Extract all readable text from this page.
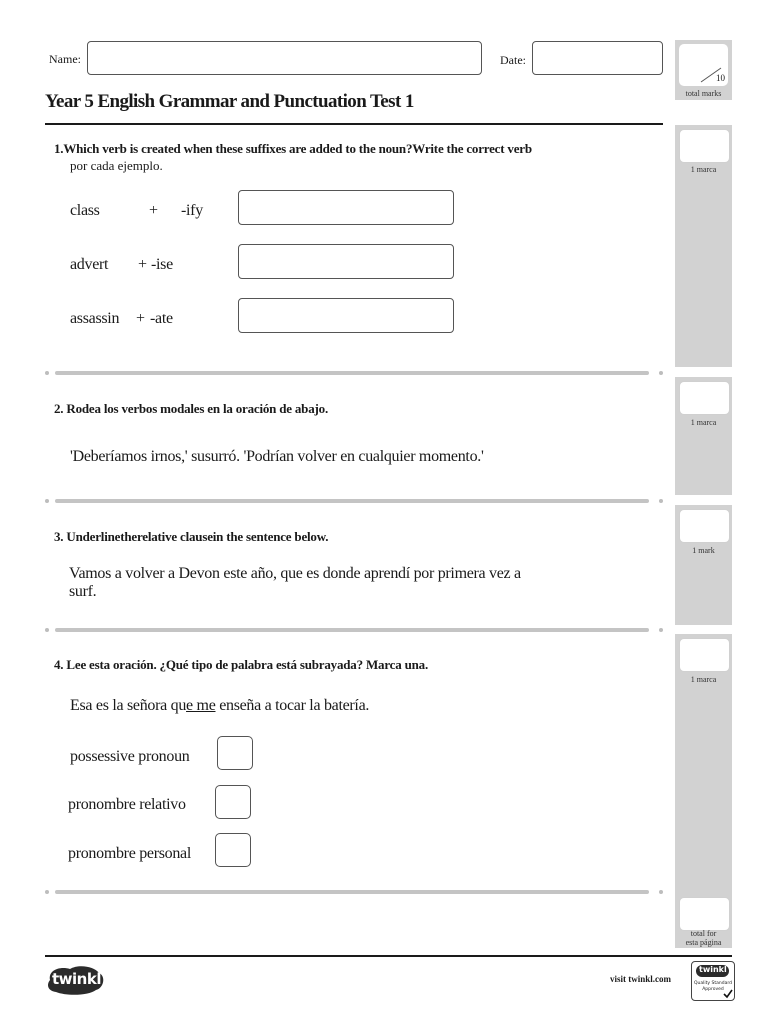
Name:	Date:
10
total marks
Year 5 English Grammar and Punctuation Test 1
1 marca
1 marca
1 mark
1 marca
total for
esta página
1.Which verb is created when these suffixes are added to the noun?Write the correct verb
por cada ejemplo.
class	+ -ify
advert + -ise
assassin + -ate
2. Rodea los verbos modales en la oración de abajo.
'Deberíamos irnos,' susurró. 'Podrían volver en cualquier momento.'
3. Underlinetherelative clausein the sentence below.
Vamos a volver a Devon este año, que es donde aprendí por primera vez a
surf.
4. Lee esta oración. ¿Qué tipo de palabra está subrayada? Marca una.
Esa es la señora que me enseña a tocar la batería.
possessive pronoun
pronombre relativo
pronombre personal
twinkl	visit twinkl.com
twinkl
Quality Standard
Approved
